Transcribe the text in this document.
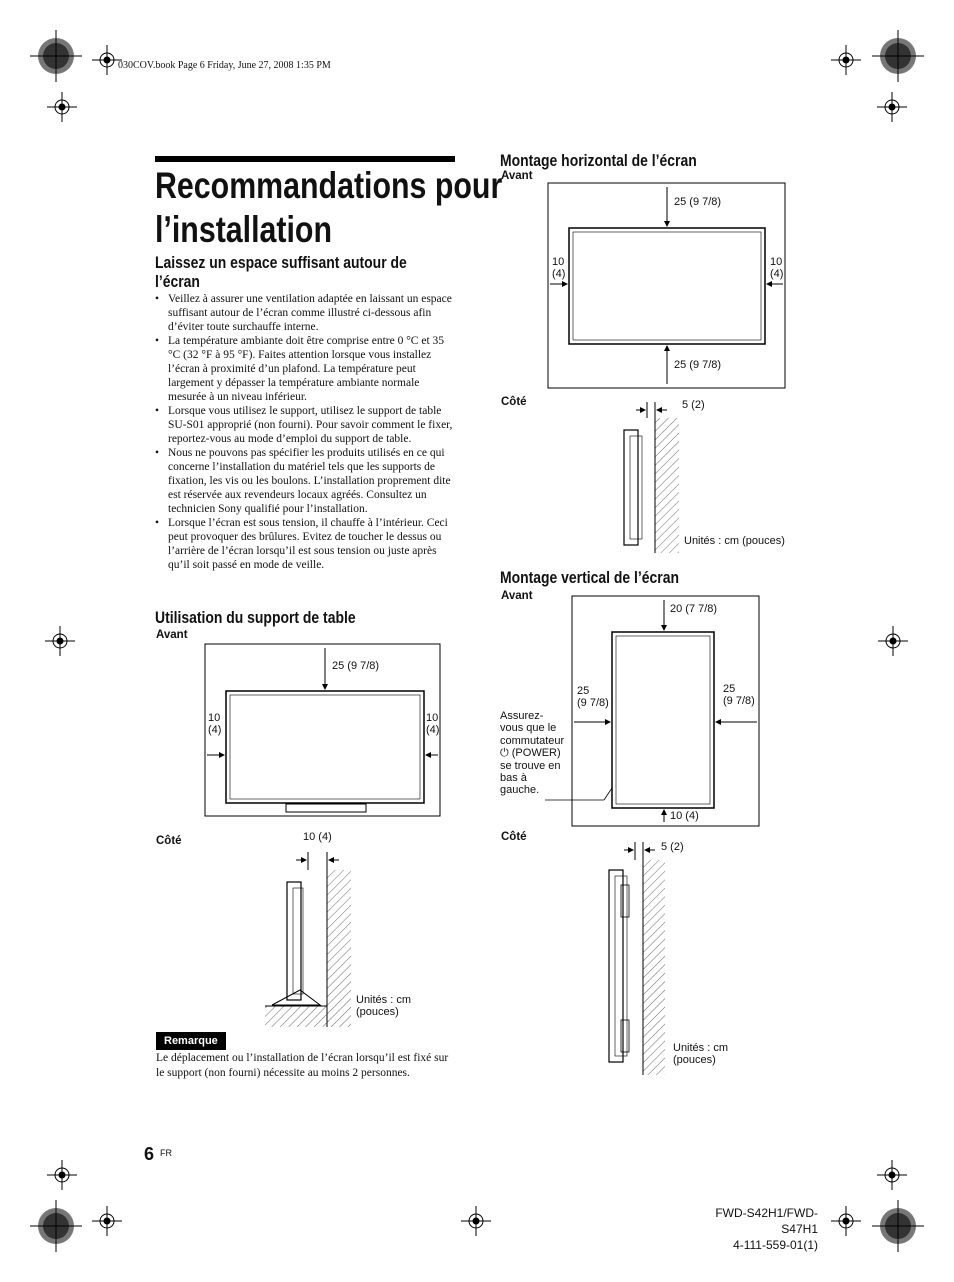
030COV.book Page 6 Friday, June 27, 2008 1:35 PM
Recommandations pour
l’installation
Laissez un espace suffisant autour de l’écran
• Veillez à assurer une ventilation adaptée en laissant un espace suffisant autour de l’écran comme illustré ci-dessous afin d’éviter toute surchauffe interne.
• La température ambiante doit être comprise entre 0 °C et 35 °C (32 °F à 95 °F). Faites attention lorsque vous installez l’écran à proximité d’un plafond. La température peut largement y dépasser la température ambiante normale mesurée à un niveau inférieur.
• Lorsque vous utilisez le support, utilisez le support de table SU-S01 approprié (non fourni). Pour savoir comment le fixer, reportez-vous au mode d’emploi du support de table.
• Nous ne pouvons pas spécifier les produits utilisés en ce qui concerne l’installation du matériel tels que les supports de fixation, les vis ou les boulons. L’installation proprement dite est réservée aux revendeurs locaux agréés. Consultez un technicien Sony qualifié pour l’installation.
• Lorsque l’écran est sous tension, il chauffe à l’intérieur. Ceci peut provoquer des brûlures. Evitez de toucher le dessus ou l’arrière de l’écran lorsqu’il est sous tension ou juste après qu’il soit passé en mode de veille.
Utilisation du support de table
Avant
25 (9 7/8)
10
(4)
10
(4)
Côté	10 (4)
Unités : cm
(pouces)
Remarque
Le déplacement ou l’installation de l’écran lorsqu’il est fixé sur le support (non fourni) nécessite au moins 2 personnes.
Montage horizontal de l’écran
Avant
25 (9 7/8)
25 (9 7/8)
10
(4)
10
(4)
Côté	5 (2)
Unités : cm (pouces)
Montage vertical de l’écran
Avant
20 (7 7/8)
25
(9 7/8)
25
(9 7/8)
10 (4)
Assurez-
vous que le
commutateur
⏻ (POWER)
se trouve en
bas à
gauche.
Côté
5 (2)
Unités : cm
(pouces)
6 FR
FWD-S42H1/FWD-S47H1
4-111-559-01(1)
